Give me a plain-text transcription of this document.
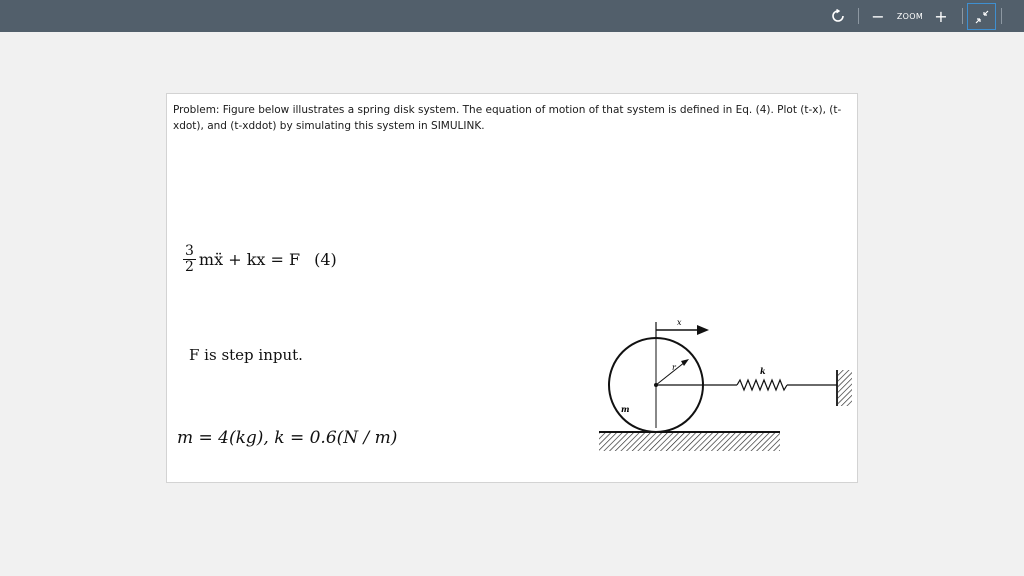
−	ZOOM +
Problem: Figure below illustrates a spring disk system. The equation of motion of that system is defined in Eq. (4). Plot (t-x), (t-xdot), and (t-xddot) by simulating this system in SIMULINK.
$\frac{3}{2}$ mẍ + kx = F (4)
F is step input.
m = 4(kg), k = 0.6(N / m)
x
r	k
m
